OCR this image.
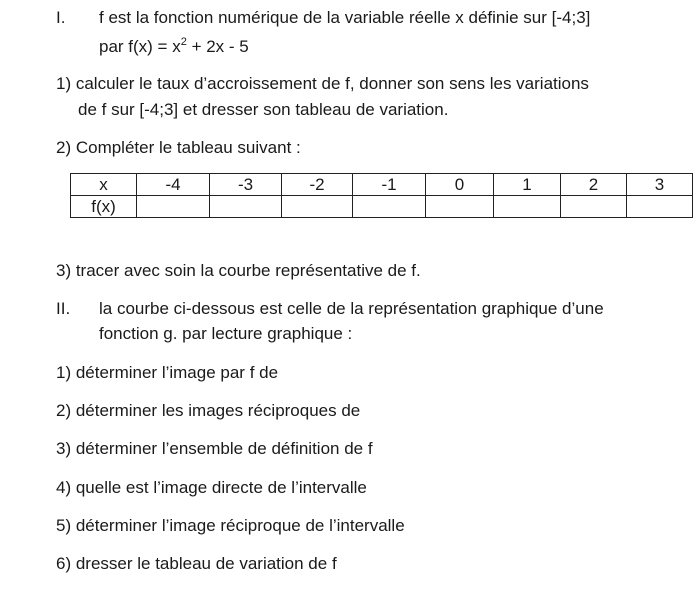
I. f est la fonction numérique de la variable réelle x définie sur [-4;3]
par $f(x) = x^2 + 2x - 5$
1) calculer le taux d’accroissement de f, donner son sens les variations
de f sur [-4;3] et dresser son tableau de variation.
2) Compléter le tableau suivant :
x	-4	-3	-2	-1	0	1	2	3
f(x)								
3) tracer avec soin la courbe représentative de f.
II. la courbe ci-dessous est celle de la représentation graphique d’une
fonction g. par lecture graphique :
1) déterminer l’image par f de
2) déterminer les images réciproques de
3) déterminer l’ensemble de définition de f
4) quelle est l’image directe de l’intervalle
5) déterminer l’image réciproque de l’intervalle
6) dresser le tableau de variation de f
